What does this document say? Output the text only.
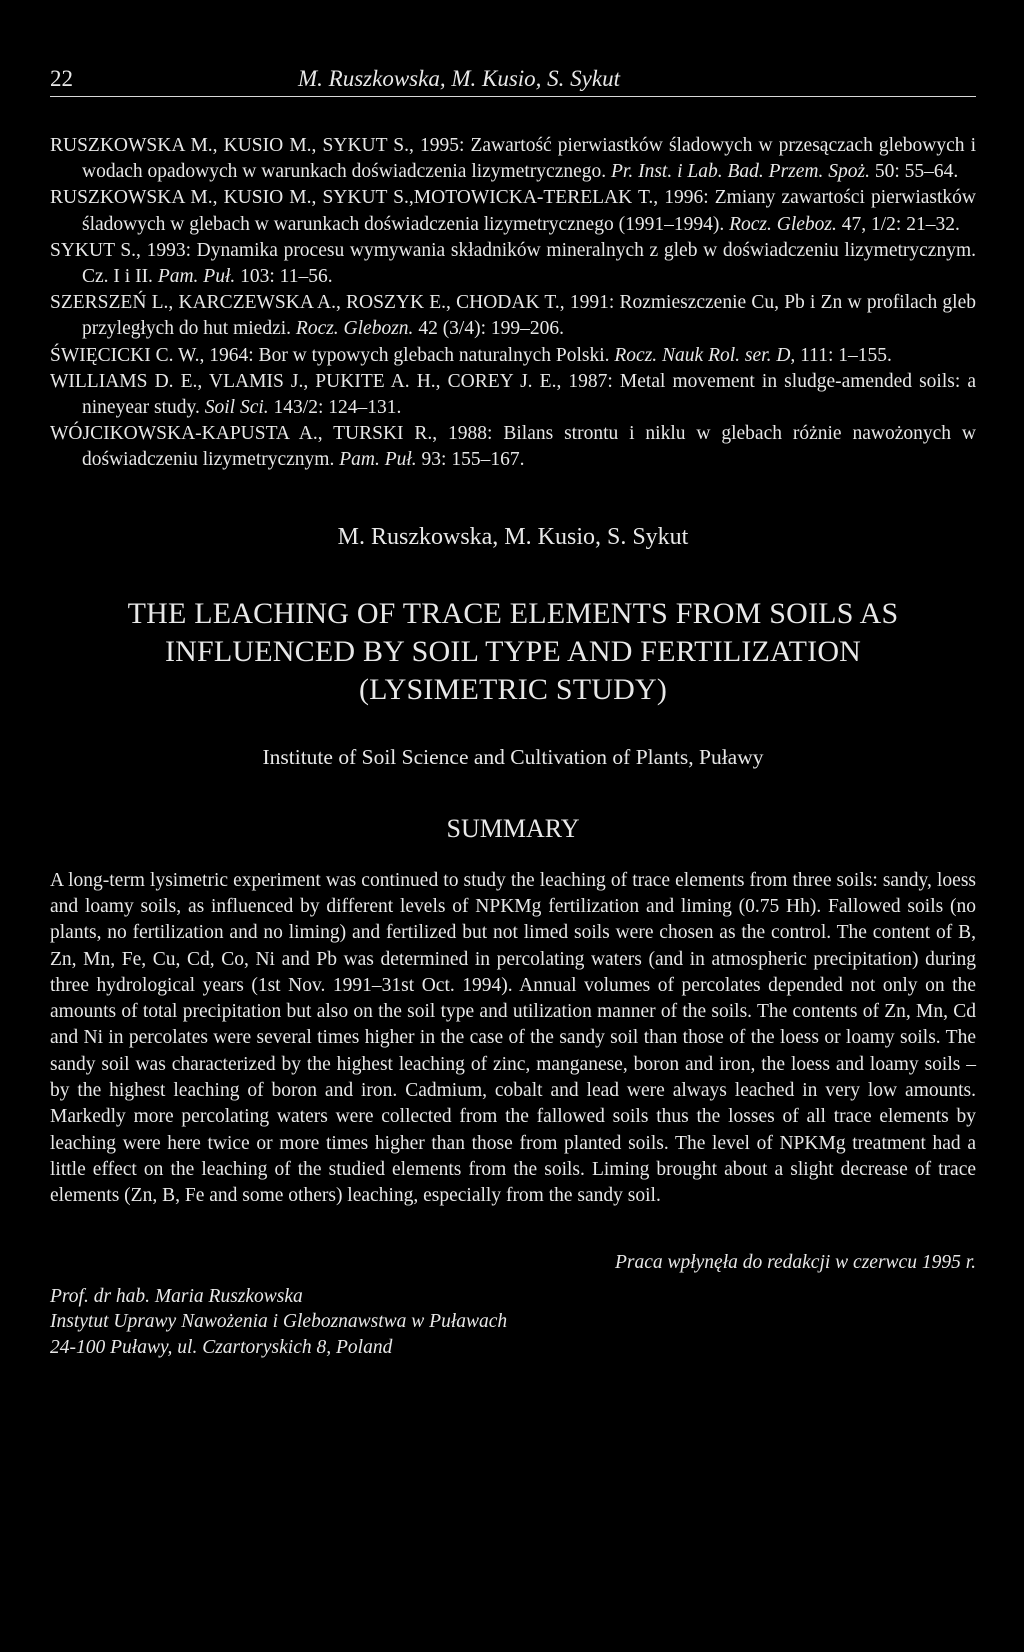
22	M. Ruszkowska, M. Kusio, S. Sykut
RUSZKOWSKA M., KUSIO M., SYKUT S., 1995: Zawartość pierwiastków śladowych w przesączach glebowych i wodach opadowych w warunkach doświadczenia lizymetrycznego. Pr. Inst. i Lab. Bad. Przem. Spoż. 50: 55–64.
RUSZKOWSKA M., KUSIO M., SYKUT S.,MOTOWICKA-TERELAK T., 1996: Zmiany zawartości pierwiastków śladowych w glebach w warunkach doświadczenia lizymetrycznego (1991–1994). Rocz. Gleboz. 47, 1/2: 21–32.
SYKUT S., 1993: Dynamika procesu wymywania składników mineralnych z gleb w doświadczeniu lizymetrycznym. Cz. I i II. Pam. Puł. 103: 11–56.
SZERSZEŃ L., KARCZEWSKA A., ROSZYK E., CHODAK T., 1991: Rozmieszczenie Cu, Pb i Zn w profilach gleb przyległych do hut miedzi. Rocz. Glebozn. 42 (3/4): 199–206.
ŚWIĘCICKI C. W., 1964: Bor w typowych glebach naturalnych Polski. Rocz. Nauk Rol. ser. D, 111: 1–155.
WILLIAMS D. E., VLAMIS J., PUKITE A. H., COREY J. E., 1987: Metal movement in sludge-amended soils: a nineyear study. Soil Sci. 143/2: 124–131.
WÓJCIKOWSKA-KAPUSTA A., TURSKI R., 1988: Bilans strontu i niklu w glebach różnie nawożonych w doświadczeniu lizymetrycznym. Pam. Puł. 93: 155–167.
M. Ruszkowska, M. Kusio, S. Sykut
THE LEACHING OF TRACE ELEMENTS FROM SOILS AS
INFLUENCED BY SOIL TYPE AND FERTILIZATION
(LYSIMETRIC STUDY)
Institute of Soil Science and Cultivation of Plants, Puławy
SUMMARY
A long-term lysimetric experiment was continued to study the leaching of trace elements from three soils: sandy, loess and loamy soils, as influenced by different levels of NPKMg fertilization and liming (0.75 Hh). Fallowed soils (no plants, no fertilization and no liming) and fertilized but not limed soils were chosen as the control. The content of B, Zn, Mn, Fe, Cu, Cd, Co, Ni and Pb was determined in percolating waters (and in atmospheric precipitation) during three hydrological years (1st Nov. 1991–31st Oct. 1994). Annual volumes of percolates depended not only on the amounts of total precipitation but also on the soil type and utilization manner of the soils. The contents of Zn, Mn, Cd and Ni in percolates were several times higher in the case of the sandy soil than those of the loess or loamy soils. The sandy soil was characterized by the highest leaching of zinc, manganese, boron and iron, the loess and loamy soils – by the highest leaching of boron and iron. Cadmium, cobalt and lead were always leached in very low amounts. Markedly more percolating waters were collected from the fallowed soils thus the losses of all trace elements by leaching were here twice or more times higher than those from planted soils. The level of NPKMg treatment had a little effect on the leaching of the studied elements from the soils. Liming brought about a slight decrease of trace elements (Zn, B, Fe and some others) leaching, especially from the sandy soil.
Praca wpłynęła do redakcji w czerwcu 1995 r.
Prof. dr hab. Maria Ruszkowska
Instytut Uprawy Nawożenia i Gleboznawstwa w Puławach
24-100 Puławy, ul. Czartoryskich 8, Poland
